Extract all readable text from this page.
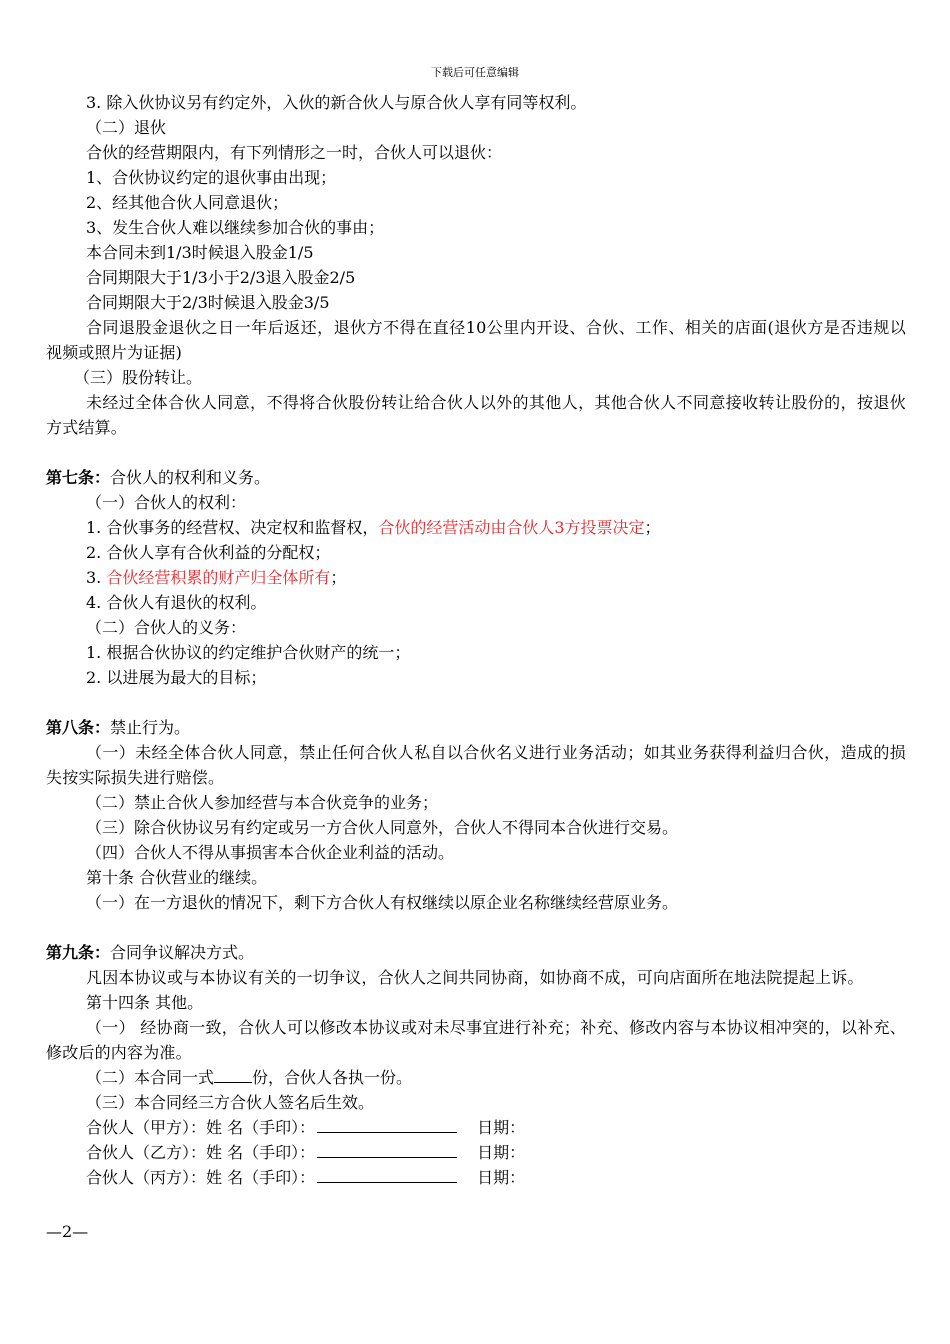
下载后可任意编辑
3. 除入伙协议另有约定外，入伙的新合伙人与原合伙人享有同等权利。
（二）退伙
合伙的经营期限内，有下列情形之一时，合伙人可以退伙：
1、合伙协议约定的退伙事由出现；
2、经其他合伙人同意退伙；
3、发生合伙人难以继续参加合伙的事由；
本合同未到1/3时候退入股金1/5
合同期限大于1/3小于2/3退入股金2/5
合同期限大于2/3时候退入股金3/5
合同退股金退伙之日一年后返还，退伙方不得在直径10公里内开设、合伙、工作、相关的店面(退伙方是否违规以视频或照片为证据)
（三）股份转让。
未经过全体合伙人同意，不得将合伙股份转让给合伙人以外的其他人，其他合伙人不同意接收转让股份的，按退伙方式结算。
第七条：合伙人的权利和义务。
（一）合伙人的权利：
1. 合伙事务的经营权、决定权和监督权，合伙的经营活动由合伙人3方投票决定；
2. 合伙人享有合伙利益的分配权；
3. 合伙经营积累的财产归全体所有；
4. 合伙人有退伙的权利。
（二）合伙人的义务：
1. 根据合伙协议的约定维护合伙财产的统一；
2. 以进展为最大的目标；
第八条：禁止行为。
（一）未经全体合伙人同意，禁止任何合伙人私自以合伙名义进行业务活动；如其业务获得利益归合伙，造成的损失按实际损失进行赔偿。
（二）禁止合伙人参加经营与本合伙竞争的业务；
（三）除合伙协议另有约定或另一方合伙人同意外，合伙人不得同本合伙进行交易。
（四）合伙人不得从事损害本合伙企业利益的活动。
第十条 合伙营业的继续。
（一）在一方退伙的情况下，剩下方合伙人有权继续以原企业名称继续经营原业务。
第九条：合同争议解决方式。
凡因本协议或与本协议有关的一切争议，合伙人之间共同协商，如协商不成，可向店面所在地法院提起上诉。
第十四条 其他。
（一） 经协商一致，合伙人可以修改本协议或对未尽事宜进行补充；补充、修改内容与本协议相冲突的，以补充、修改后的内容为准。
（二）本合同一式 份，合伙人各执一份。
（三）本合同经三方合伙人签名后生效。
合伙人（甲方）：姓 名（手印）：	日期：
合伙人（乙方）：姓 名（手印）：	日期：
合伙人（丙方）：姓 名（手印）：	日期：
—2—
